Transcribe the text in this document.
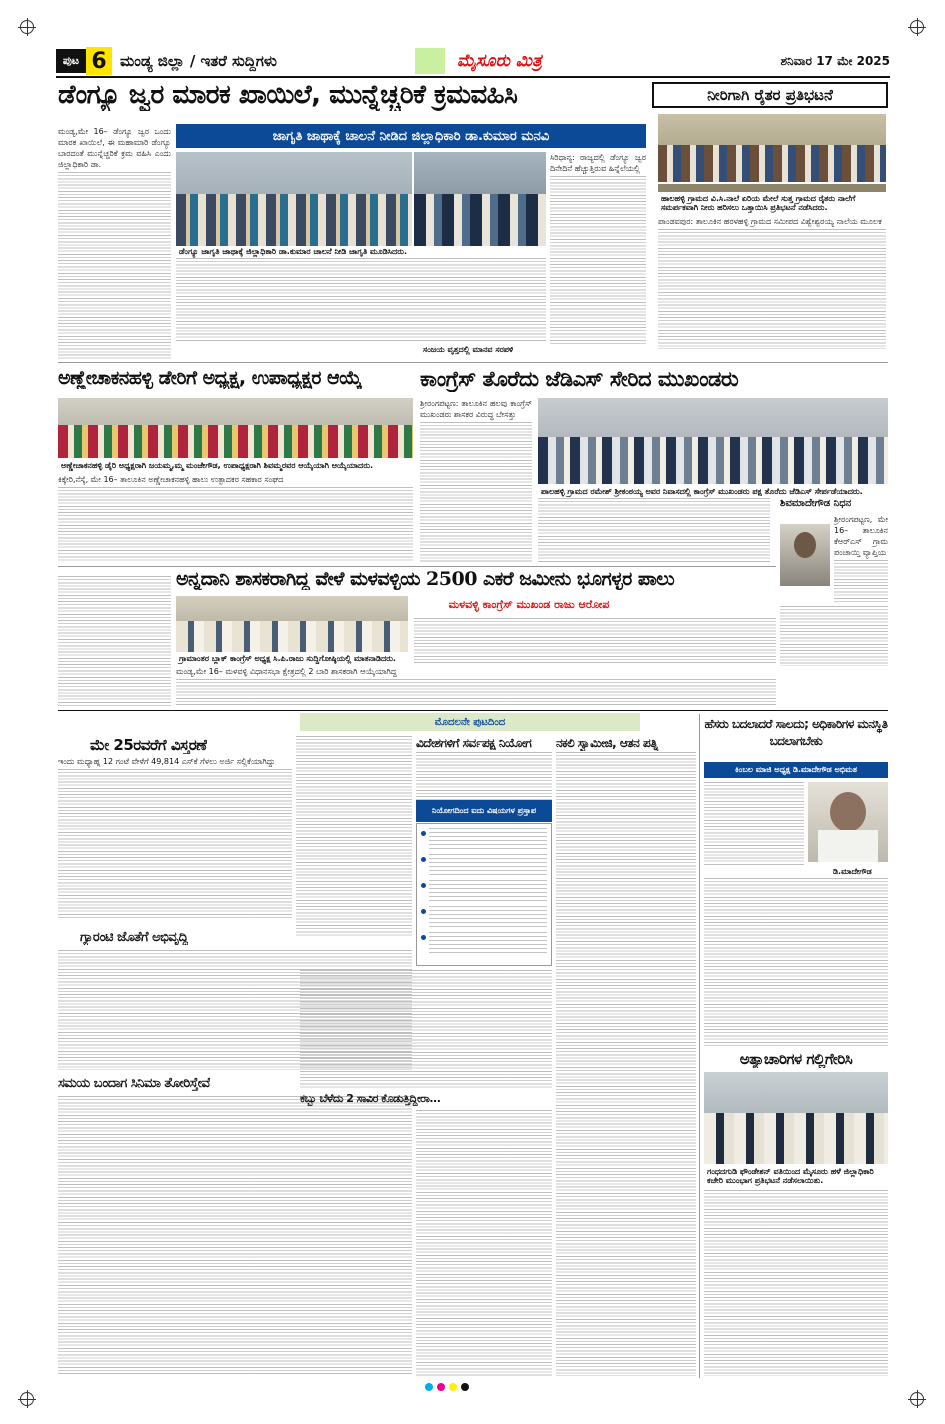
ಪುಟ 6 ಮಂಡ್ಯ ಜಿಲ್ಲಾ / ಇತರೆ ಸುದ್ದಿಗಳು	ಮೈಸೂರು ಮಿತ್ರ	ಶನಿವಾರ 17 ಮೇ 2025
ಡೆಂಗ್ಯೂ ಜ್ವರ ಮಾರಕ ಖಾಯಿಲೆ, ಮುನ್ನೆಚ್ಚರಿಕೆ ಕ್ರಮವಹಿಸಿ
ಜಾಗೃತಿ ಜಾಥಾಕ್ಕೆ ಚಾಲನೆ ನೀಡಿದ ಜಿಲ್ಲಾಧಿಕಾರಿ ಡಾ.ಕುಮಾರ ಮನವಿ
ಮಂಡ್ಯ,ಮೇ 16– ಡೆಂಗ್ಯೂ ಜ್ವರ ಒಂದು ಮಾರಕ ಖಾಯಿಲೆ, ಈ ಮಹಾಮಾರಿ ಡೆಂಗ್ಯೂ ಬಾರದಂತೆ ಮುನ್ನೆಚ್ಚರಿಕೆ ಕ್ರಮ ವಹಿಸಿ ಎಂದು ಜಿಲ್ಲಾಧಿಕಾರಿ ಡಾ.
ಡೆಂಗ್ಯೂ ಜಾಗೃತಿ ಜಾಥಾಕ್ಕೆ ಜಿಲ್ಲಾಧಿಕಾರಿ ಡಾ.ಕುಮಾರ ಚಾಲನೆ ನೀಡಿ ಜಾಗೃತಿ ಮೂಡಿಸಿದರು.
ಸಿರಿಧಾನ್ಯ: ರಾಜ್ಯದಲ್ಲಿ ಡೆಂಗ್ಯೂ ಜ್ವರ ದಿನೇದಿನೆ ಹೆಚ್ಚುತ್ತಿರುವ ಹಿನ್ನೆಲೆಯಲ್ಲಿ
ಸಂಜಯ ವೃತ್ತದಲ್ಲಿ ಮಾನವ ಸರಪಳಿ
ನೀರಿಗಾಗಿ ರೈತರ ಪ್ರತಿಭಟನೆ
ಹಾಲಹಳ್ಳಿ ಗ್ರಾಮದ ವಿ.ಸಿ.ನಾಲೆ ಏರಿಯ ಮೇಲೆ ಸುತ್ತ ಗ್ರಾಮದ ರೈತರು ನಾಲೆಗೆ ಸಮರ್ಪಕವಾಗಿ ನೀರು ಹರಿಸಲು ಒತ್ತಾಯಿಸಿ ಪ್ರತಿಭಟನೆ ನಡೆಸಿದರು.
ಪಾಂಡವಪುರ: ತಾಲೂಕಿನ ಹರಳಹಳ್ಳಿ ಗ್ರಾಮದ ಸಮೀಪದ ವಿಶ್ವೇಶ್ವರಯ್ಯ ನಾಲೆಯ ಮೂಲಕ
ಅಣ್ಣೇಚಾಕನಹಳ್ಳಿ ಡೇರಿಗೆ ಅಧ್ಯಕ್ಷ, ಉಪಾಧ್ಯಕ್ಷರ ಆಯ್ಕೆ
ಅಣ್ಣೇಚಾಕನಹಳ್ಳಿ ಡೈರಿ ಅಧ್ಯಕ್ಷರಾಗಿ ಜಯಮ್ಮ,ಮ್ಮ ಮಂಜೇಗೌಡ, ಉಪಾಧ್ಯಕ್ಷರಾಗಿ ಶಿವಮ್ಮರವರ ಆಯ್ಕೆಯಾಗಿ ಆಯ್ಕೆಯಾದರು.
ಕಿಕ್ಕೇರಿ,ನೆಸ್ಕೆ, ಮೇ 16– ತಾಲೂಕಿನ ಅಣ್ಣೇಚಾಕನಹಳ್ಳಿ ಹಾಲು ಉತ್ಪಾದಕರ ಸಹಕಾರ ಸಂಘದ
ಕಾಂಗ್ರೆಸ್ ತೊರೆದು ಜೆಡಿಎಸ್ ಸೇರಿದ ಮುಖಂಡರು
ಶ್ರೀರಂಗಪಟ್ಟಣ: ತಾಲೂಕಿನ ಹಲವು ಕಾಂಗ್ರೆಸ್ ಮುಖಂಡರು ಶಾಸಕರ ವಿರುದ್ಧ ಬೇಸತ್ತು
ಪಾಲಹಳ್ಳಿ ಗ್ರಾಮದ ರಮೇಶ್ ಶ್ರೀಕಂಠಯ್ಯ ಅವರ ನಿವಾಸದಲ್ಲಿ ಕಾಂಗ್ರೆಸ್ ಮುಖಂಡರು ಪಕ್ಷ ತೊರೆದು ಜೆಡಿಎಸ್ ಸೇರ್ಪಡೆಯಾದರು.
ಶಿವಮಾದೇಗೌಡ ನಿಧನ
ಶ್ರೀರಂಗಪಟ್ಟಣ, ಮೇ 16– ತಾಲೂಕಿನ ಕೆಆರ್‌ಎಸ್ ಗ್ರಾಮ ಪಂಚಾಯ್ತಿ ವ್ಯಾಪ್ತಿಯ
ಅನ್ನದಾನಿ ಶಾಸಕರಾಗಿದ್ದ ವೇಳೆ ಮಳವಳ್ಳಿಯ 2500 ಎಕರೆ ಜಮೀನು ಭೂಗಳ್ಳರ ಪಾಲು
ಗ್ರಾಮಾಂತರ ಬ್ಲಾಕ್ ಕಾಂಗ್ರೆಸ್ ಅಧ್ಯಕ್ಷ ಸಿ.ಪಿ.ರಾಜು ಸುದ್ದಿಗೋಷ್ಠಿಯಲ್ಲಿ ಮಾತನಾಡಿದರು.
ಮಳವಳ್ಳಿ ಕಾಂಗ್ರೆಸ್ ಮುಖಂಡ ರಾಜು ಆರೋಪ
ಮಂಡ್ಯ,ಮೇ 16– ಮಳವಳ್ಳಿ ವಿಧಾನಸಭಾ ಕ್ಷೇತ್ರದಲ್ಲಿ 2 ಬಾರಿ ಶಾಸಕರಾಗಿ ಆಯ್ಕೆಯಾಗಿದ್ದ
ಮೊದಲನೇ ಪುಟದಿಂದ
ಮೇ 25ರವರೆಗೆ ವಿಸ್ತರಣೆ
ಇಂದು ಮಧ್ಯಾಹ್ನ 12 ಗಂಟೆ ವೇಳೆಗೆ 49,814 ಎಸ್‌ಕೆ ಗೆಳಲು ಅರ್ಜಿ ಸಲ್ಲಿಕೆಯಾಗಿದ್ದು
ಗ್ಯಾರಂಟಿ ಜೊತೆಗೆ ಅಭಿವೃದ್ಧಿ
ಸಮಯ ಬಂದಾಗ ಸಿನಿಮಾ ತೋರಿಸ್ತೇವೆ
ವಿದೇಶಗಳಿಗೆ ಸರ್ವಪಕ್ಷ ನಿಯೋಗ
ನಿಯೋಗದಿಂದ ಐದು ವಿಷಯಗಳ ಪ್ರಸ್ತಾಪ
ಕಬ್ಬು ಬೆಳೆದು 2 ಸಾವಿರ ಕೊಡುತ್ತಿದ್ದೀರಾ...
ನಕಲಿ ಸ್ವಾಮೀಜಿ, ಆತನ ಪತ್ನಿ
ಹೆಸರು ಬದಲಾದರೆ ಸಾಲದು; ಅಧಿಕಾರಿಗಳ ಮನಸ್ಥಿತಿ ಬದಲಾಗಬೇಕು
ಕಿಂಬಲ ಮಾಜಿ ಅಧ್ಯಕ್ಷ ಡಿ.ಮಾದೇಗೌಡ ಅಭಿಮತ
ಡಿ.ಮಾದೇಗೌಡ
ಅತ್ಯಾಚಾರಿಗಳ ಗಲ್ಲಿಗೇರಿಸಿ
ಗಂಧದಗುಡಿ ಫೌಂಡೇಶನ್ ವತಿಯಿಂದ ಮೈಸೂರು ಹಳೆ ಜಿಲ್ಲಾಧಿಕಾರಿ ಕಚೇರಿ ಮುಂಭಾಗ ಪ್ರತಿಭಟನೆ ನಡೆಸಲಾಯಿತು.
